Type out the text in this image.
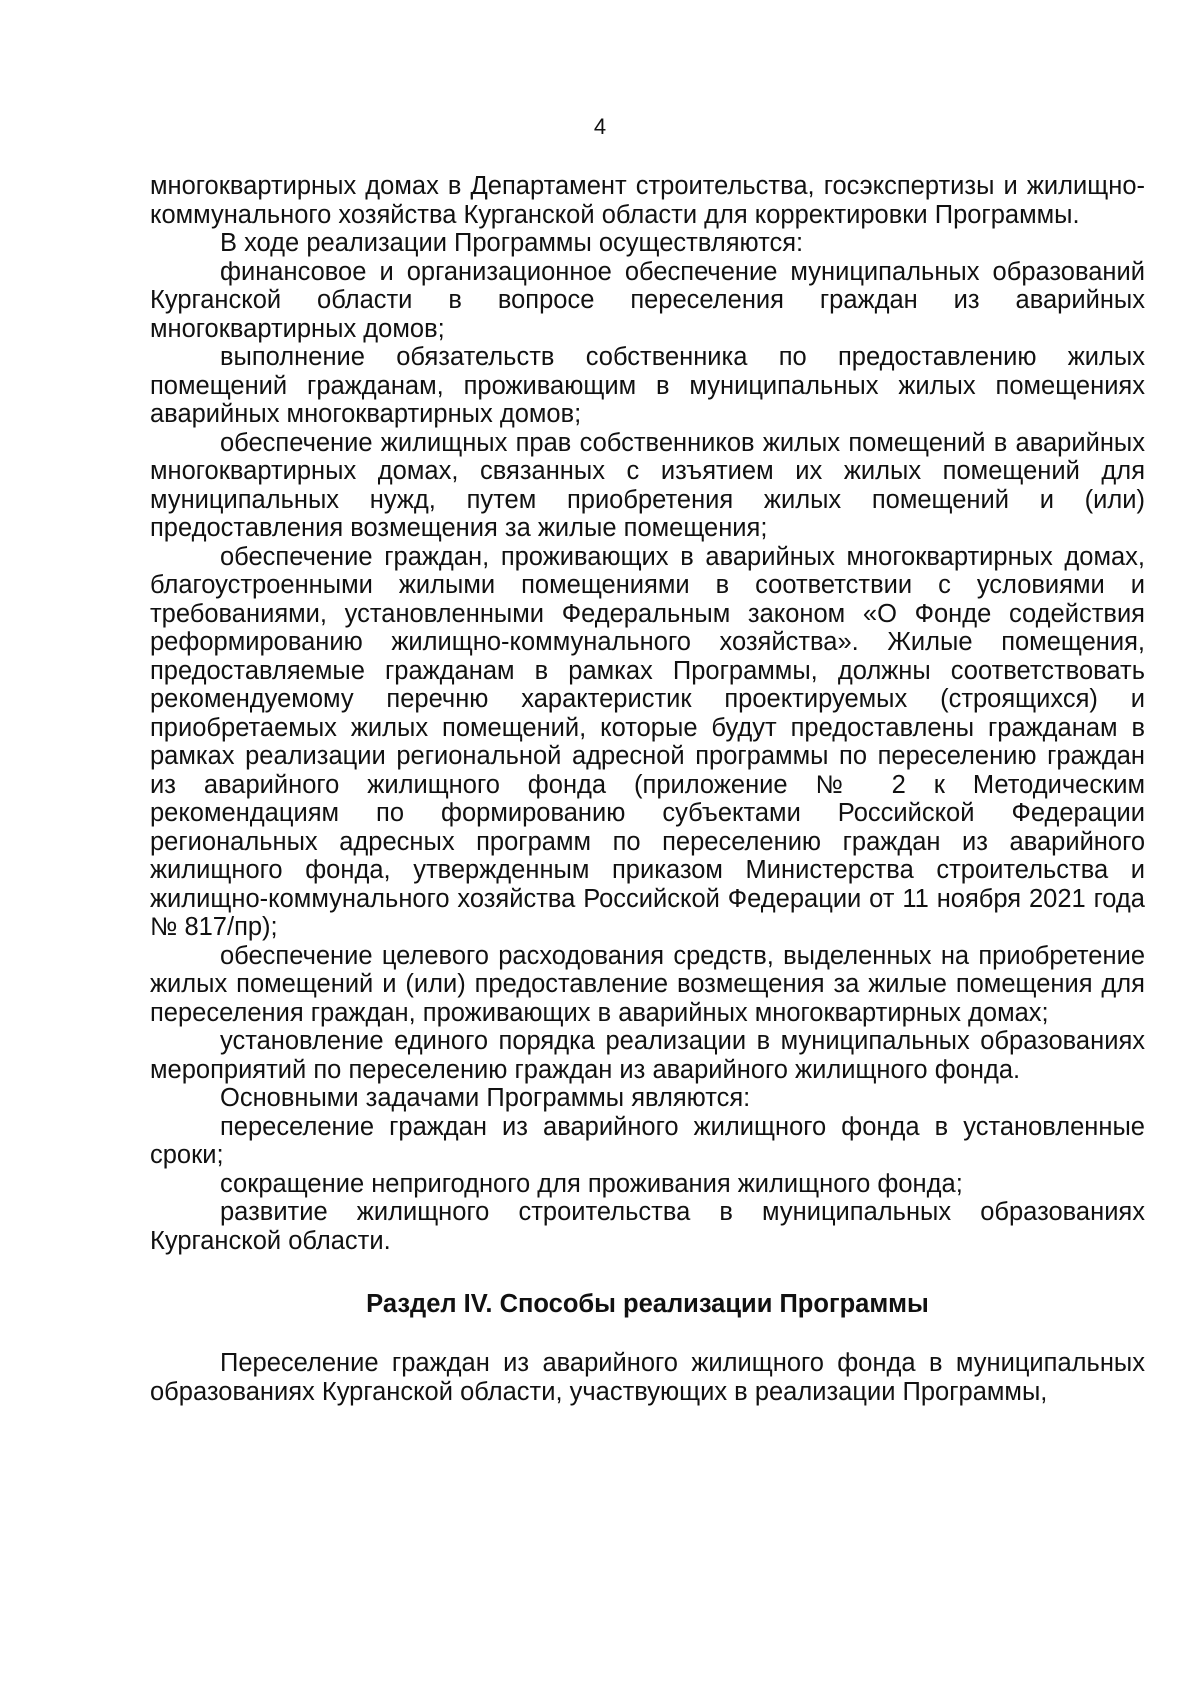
4

многоквартирных домах в Департамент строительства, госэкспертизы и жилищно-коммунального хозяйства Курганской области для корректировки Программы.

В ходе реализации Программы осуществляются:

финансовое и организационное обеспечение муниципальных образований Курганской области в вопросе переселения граждан из аварийных многоквартирных домов;

выполнение обязательств собственника по предоставлению жилых помещений гражданам, проживающим в муниципальных жилых помещениях аварийных многоквартирных домов;

обеспечение жилищных прав собственников жилых помещений в аварийных многоквартирных домах, связанных с изъятием их жилых помещений для муниципальных нужд, путем приобретения жилых помещений и (или) предоставления возмещения за жилые помещения;

обеспечение граждан, проживающих в аварийных многоквартирных домах, благоустроенными жилыми помещениями в соответствии с условиями и требованиями, установленными Федеральным законом «О Фонде содействия реформированию жилищно-коммунального хозяйства». Жилые помещения, предоставляемые гражданам в рамках Программы, должны соответствовать рекомендуемому перечню характеристик проектируемых (строящихся) и приобретаемых жилых помещений, которые будут предоставлены гражданам в рамках реализации региональной адресной программы по переселению граждан из аварийного жилищного фонда (приложение № 2 к Методическим рекомендациям по формированию субъектами Российской Федерации региональных адресных программ по переселению граждан из аварийного жилищного фонда, утвержденным приказом Министерства строительства и жилищно-коммунального хозяйства Российской Федерации от 11 ноября 2021 года № 817/пр);

обеспечение целевого расходования средств, выделенных на приобретение жилых помещений и (или) предоставление возмещения за жилые помещения для переселения граждан, проживающих в аварийных многоквартирных домах;

установление единого порядка реализации в муниципальных образованиях мероприятий по переселению граждан из аварийного жилищного фонда.

Основными задачами Программы являются:

переселение граждан из аварийного жилищного фонда в установленные сроки;

сокращение непригодного для проживания жилищного фонда;

развитие жилищного строительства в муниципальных образованиях Курганской области.

Раздел IV. Способы реализации Программы

Переселение граждан из аварийного жилищного фонда в муниципальных образованиях Курганской области, участвующих в реализации Программы,
